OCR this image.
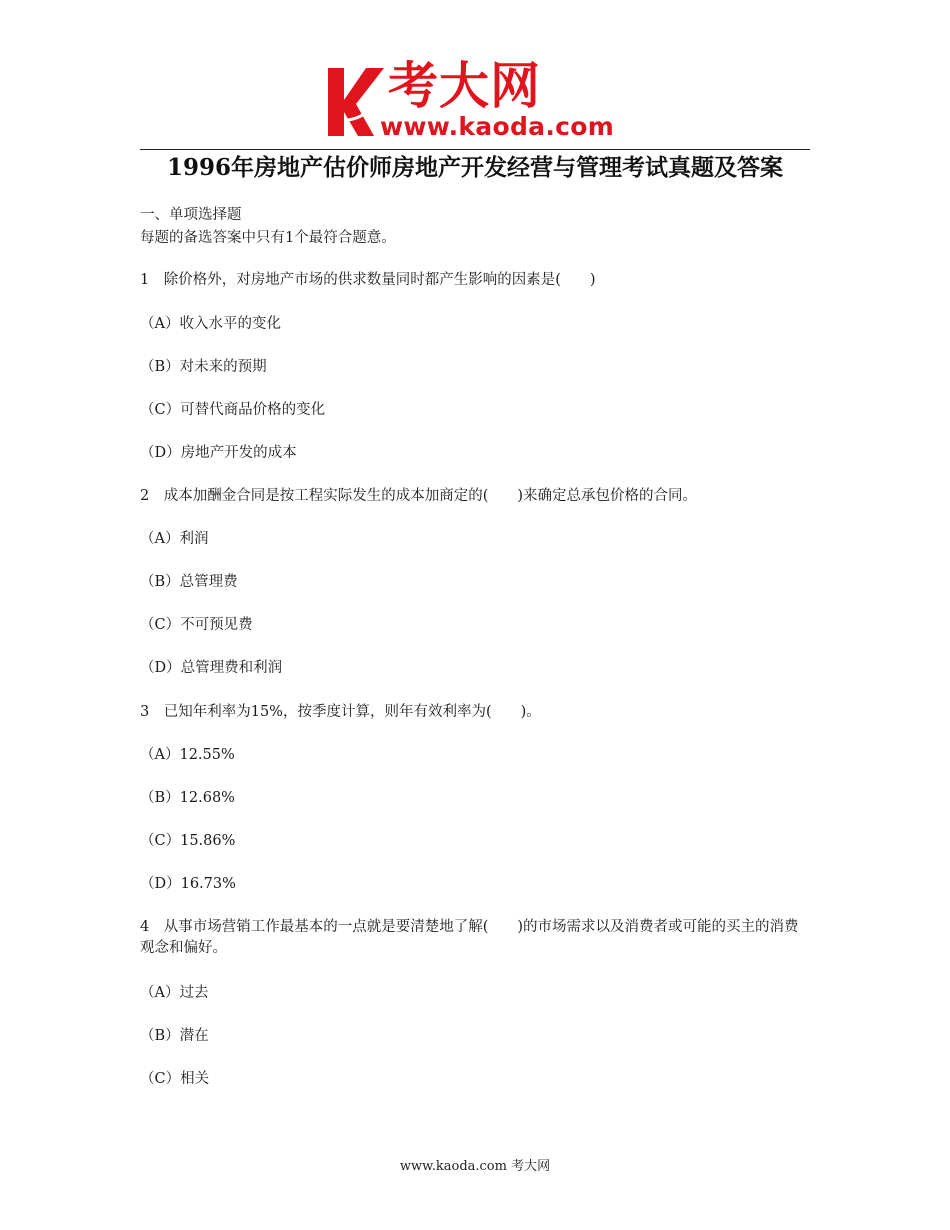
考大网
www.kaoda.com
1996年房地产估价师房地产开发经营与管理考试真题及答案
一、单项选择题
每题的备选答案中只有1个最符合题意。
1　除价格外，对房地产市场的供求数量同时都产生影响的因素是(　　)
（A）收入水平的变化
（B）对未来的预期
（C）可替代商品价格的变化
（D）房地产开发的成本
2　成本加酬金合同是按工程实际发生的成本加商定的(　　)来确定总承包价格的合同。
（A）利润
（B）总管理费
（C）不可预见费
（D）总管理费和利润
3　已知年利率为15%，按季度计算，则年有效利率为(　　)。
（A）12.55%
（B）12.68%
（C）15.86%
（D）16.73%
4　从事市场营销工作最基本的一点就是要清楚地了解(　　)的市场需求以及消费者或可能的买主的消费观念和偏好。
（A）过去
（B）潜在
（C）相关
www.kaoda.com 考大网
